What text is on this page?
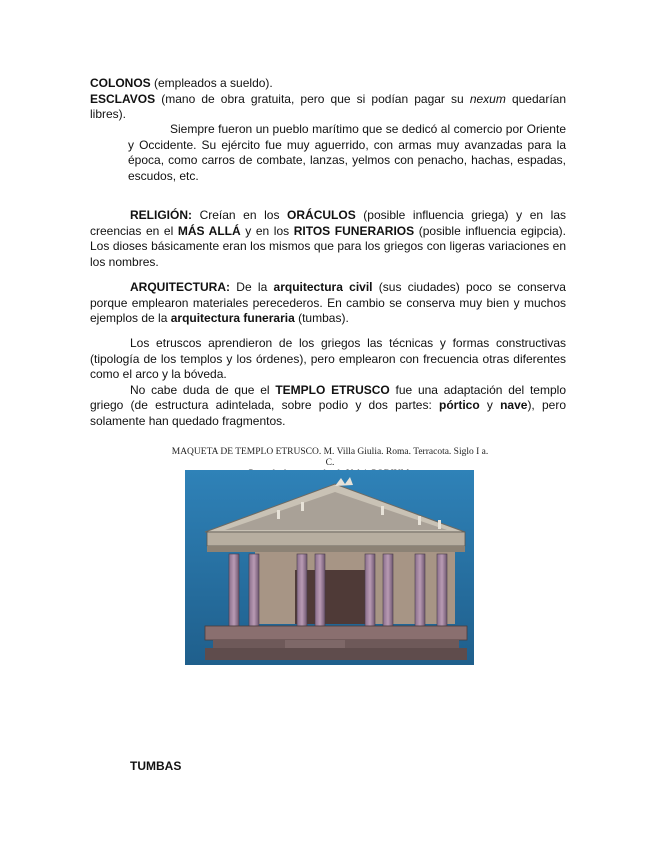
COLONOS (empleados a sueldo).

ESCLAVOS (mano de obra gratuita, pero que si podían pagar su nexum quedarían libres).

Siempre fueron un pueblo marítimo que se dedicó al comercio por Oriente y Occidente. Su ejército fue muy aguerrido, con armas muy avanzadas para la época, como carros de combate, lanzas, yelmos con penacho, hachas, espadas, escudos, etc.

RELIGIÓN: Creían en los ORÁCULOS (posible influencia griega) y en las creencias en el MÁS ALLÁ y en los RITOS FUNERARIOS (posible influencia egipcia). Los dioses básicamente eran los mismos que para los griegos con ligeras variaciones en los nombres.

ARQUITECTURA: De la arquitectura civil (sus ciudades) poco se conserva porque emplearon materiales perecederos. En cambio se conserva muy bien y muchos ejemplos de la arquitectura funeraria (tumbas).

Los etruscos aprendieron de los griegos las técnicas y formas constructivas (tipología de los templos y los órdenes), pero emplearon con frecuencia otras diferentes como el arco y la bóveda.

No cabe duda de que el TEMPLO ETRUSCO fue una adaptación del templo griego (de estructura adintelada, sobre podio y dos partes: pórtico y nave), pero solamente han quedado fragmentos.

MAQUETA DE TEMPLO ETRUSCO. M. Villa Giulia. Roma. Terracota. Siglo I a. C.
TUMBAS
